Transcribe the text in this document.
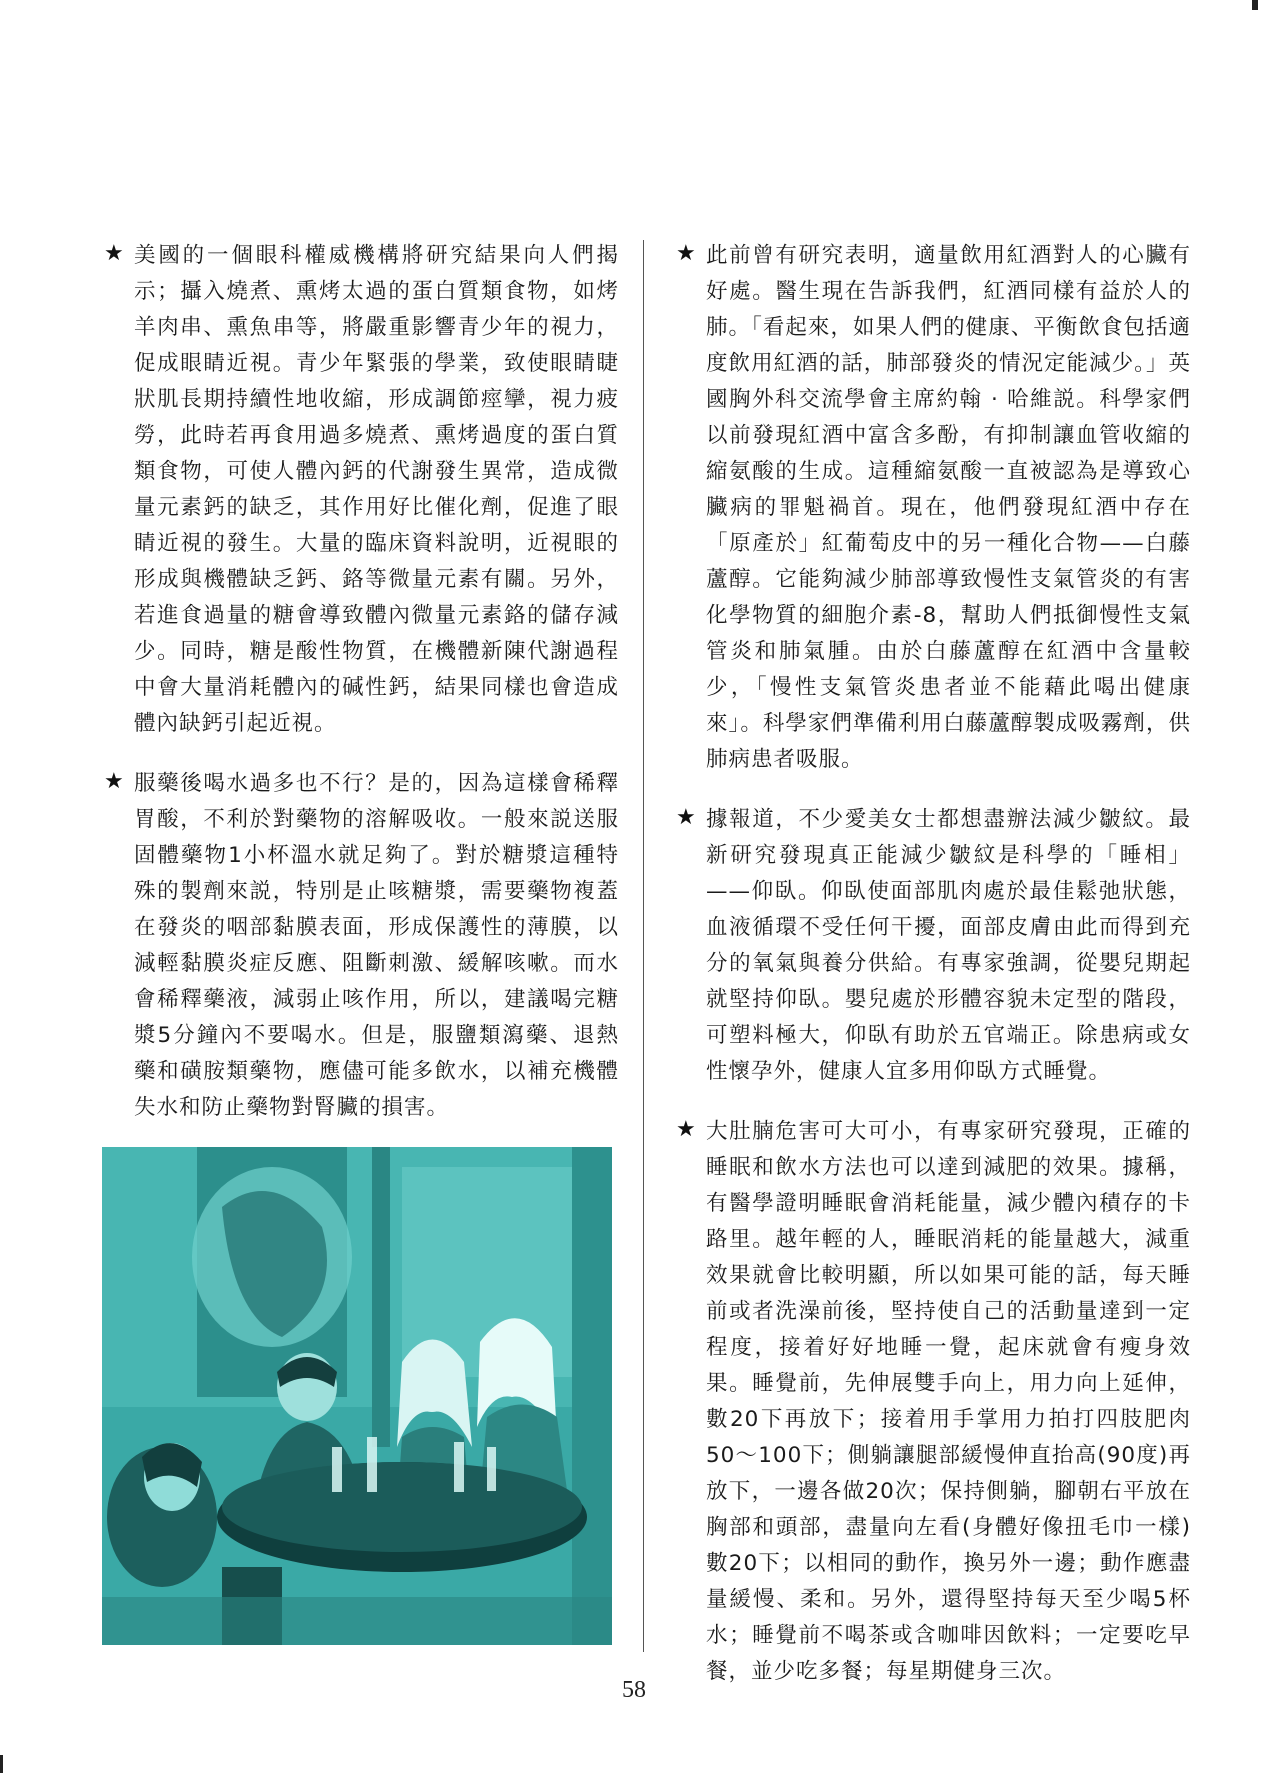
★ 美國的一個眼科權威機構將研究結果向人們揭示；攝入燒煮、熏烤太過的蛋白質類食物，如烤羊肉串、熏魚串等，將嚴重影響青少年的視力，促成眼睛近視。青少年緊張的學業，致使眼睛睫狀肌長期持續性地收縮，形成調節痙攣，視力疲勞，此時若再食用過多燒煮、熏烤過度的蛋白質類食物，可使人體內鈣的代謝發生異常，造成微量元素鈣的缺乏，其作用好比催化劑，促進了眼睛近視的發生。大量的臨床資料說明，近視眼的形成與機體缺乏鈣、鉻等微量元素有關。另外，若進食過量的糖會導致體內微量元素鉻的儲存減少。同時，糖是酸性物質，在機體新陳代謝過程中會大量消耗體內的碱性鈣，結果同樣也會造成體內缺鈣引起近視。

★ 服藥後喝水過多也不行？是的，因為這樣會稀釋胃酸，不利於對藥物的溶解吸收。一般來説送服固體藥物1小杯溫水就足夠了。對於糖漿這種特殊的製劑來説，特別是止咳糖漿，需要藥物複蓋在發炎的咽部黏膜表面，形成保護性的薄膜，以減輕黏膜炎症反應、阻斷刺激、緩解咳嗽。而水會稀釋藥液，減弱止咳作用，所以，建議喝完糖漿5分鐘內不要喝水。但是，服鹽類瀉藥、退熱藥和磺胺類藥物，應儘可能多飲水，以補充機體失水和防止藥物對腎臟的損害。

★ 此前曾有研究表明，適量飲用紅酒對人的心臟有好處。醫生現在告訴我們，紅酒同樣有益於人的肺。「看起來，如果人們的健康、平衡飲食包括適度飲用紅酒的話，肺部發炎的情況定能減少。」英國胸外科交流學會主席約翰 · 哈維説。科學家們以前發現紅酒中富含多酚，有抑制讓血管收縮的縮氨酸的生成。這種縮氨酸一直被認為是導致心臟病的罪魁禍首。現在，他們發現紅酒中存在「原產於」紅葡萄皮中的另一種化合物——白藤蘆醇。它能夠減少肺部導致慢性支氣管炎的有害化學物質的細胞介素-8，幫助人們抵御慢性支氣管炎和肺氣腫。由於白藤蘆醇在紅酒中含量較少，「慢性支氣管炎患者並不能藉此喝出健康來」。科學家們準備利用白藤蘆醇製成吸霧劑，供肺病患者吸服。

★ 據報道，不少愛美女士都想盡辦法減少皺紋。最新研究發現真正能減少皺紋是科學的「睡相」——仰臥。仰臥使面部肌肉處於最佳鬆弛狀態，血液循環不受任何干擾，面部皮膚由此而得到充分的氧氣與養分供給。有專家強調，從嬰兒期起就堅持仰臥。嬰兒處於形體容貌未定型的階段，可塑料極大，仰臥有助於五官端正。除患病或女性懷孕外，健康人宜多用仰臥方式睡覺。

★ 大肚腩危害可大可小，有專家研究發現，正確的睡眠和飲水方法也可以達到減肥的效果。據稱，有醫學證明睡眠會消耗能量，減少體內積存的卡路里。越年輕的人，睡眠消耗的能量越大，減重效果就會比較明顯，所以如果可能的話，每天睡前或者洗澡前後，堅持使自己的活動量達到一定程度，接着好好地睡一覺，起床就會有瘦身效果。睡覺前，先伸展雙手向上，用力向上延伸，數20下再放下；接着用手掌用力拍打四肢肥肉50～100下；側躺讓腿部緩慢伸直抬高(90度)再放下，一邊各做20次；保持側躺，腳朝右平放在胸部和頭部，盡量向左看(身體好像扭毛巾一樣)數20下；以相同的動作，換另外一邊；動作應盡量緩慢、柔和。另外，還得堅持每天至少喝5杯水；睡覺前不喝茶或含咖啡因飲料；一定要吃早餐，並少吃多餐；每星期健身三次。

58
